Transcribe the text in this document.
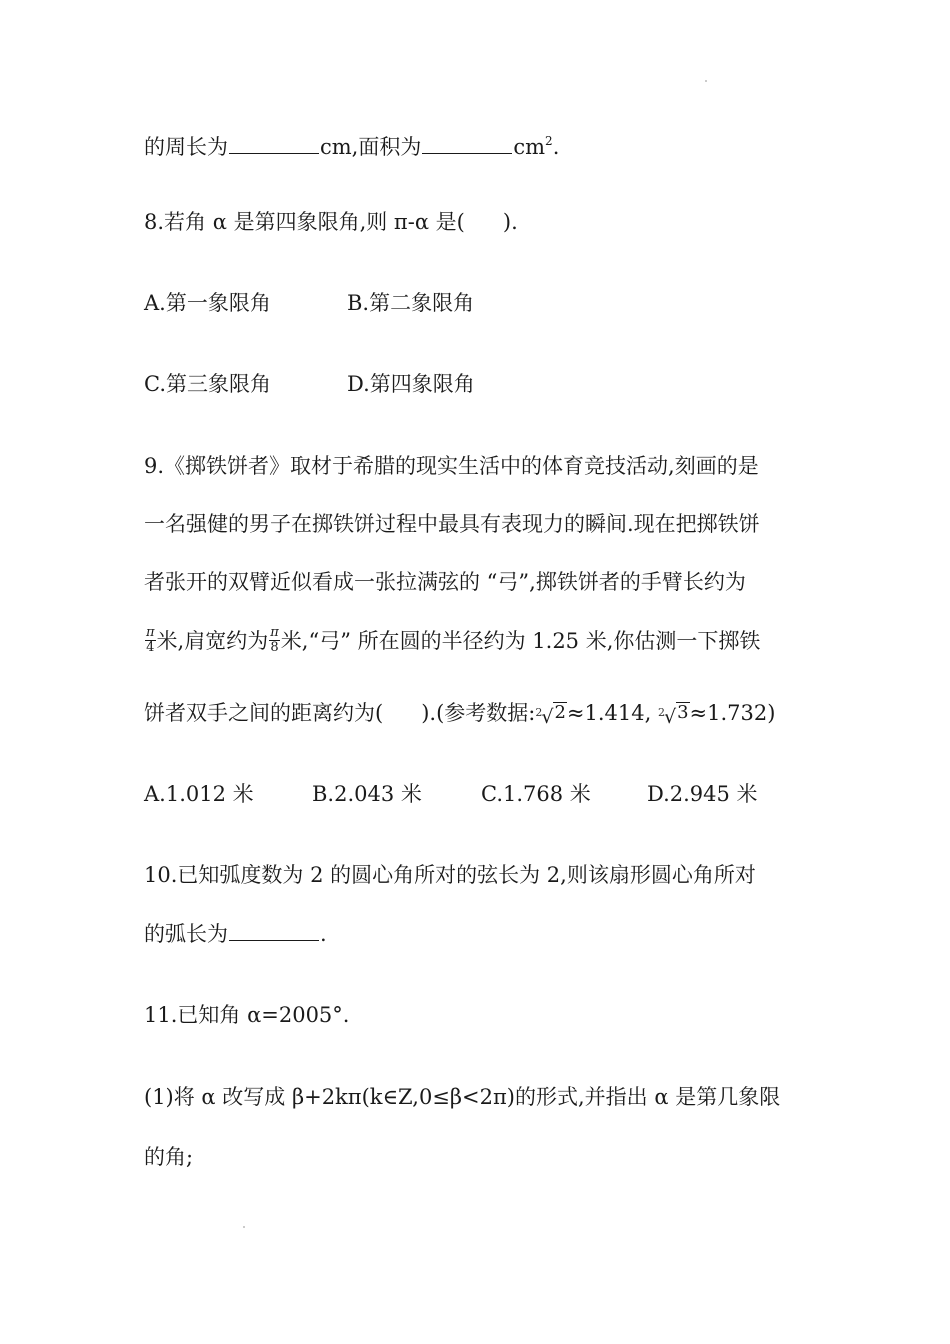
的周长为	cm,面积为	$cm^2$.
8.若角 α 是第四象限角,则 π-α 是( ).
A.第一象限角	B.第二象限角
C.第三象限角	D.第四象限角
9.《掷铁饼者》取材于希腊的现实生活中的体育竞技活动,刻画的是
一名强健的男子在掷铁饼过程中最具有表现力的瞬间.现在把掷铁饼
者张开的双臂近似看成一张拉满弦的 “弓”,掷铁饼者的手臂长约为
$\frac{\pi}{4}$ 米,肩宽约为 $\frac{\pi}{8}$ 米,“弓” 所在圆的半径约为 1.25 米,你估测一下掷铁
饼者双手之间的距离约为( ).(参考数据: 2 √ 2 ≈1.414, 2 √ 3 ≈1.732)
A.1.012 米	B.2.043 米	C.1.768 米	D.2.945 米
10.已知弧度数为 2 的圆心角所对的弦长为 2,则该扇形圆心角所对
的弧长为	.
11.已知角 α=2005°.
(1)将 α 改写成 β+2kπ(k∈Z,0≤β<2π)的形式,并指出 α 是第几象限
的角;
